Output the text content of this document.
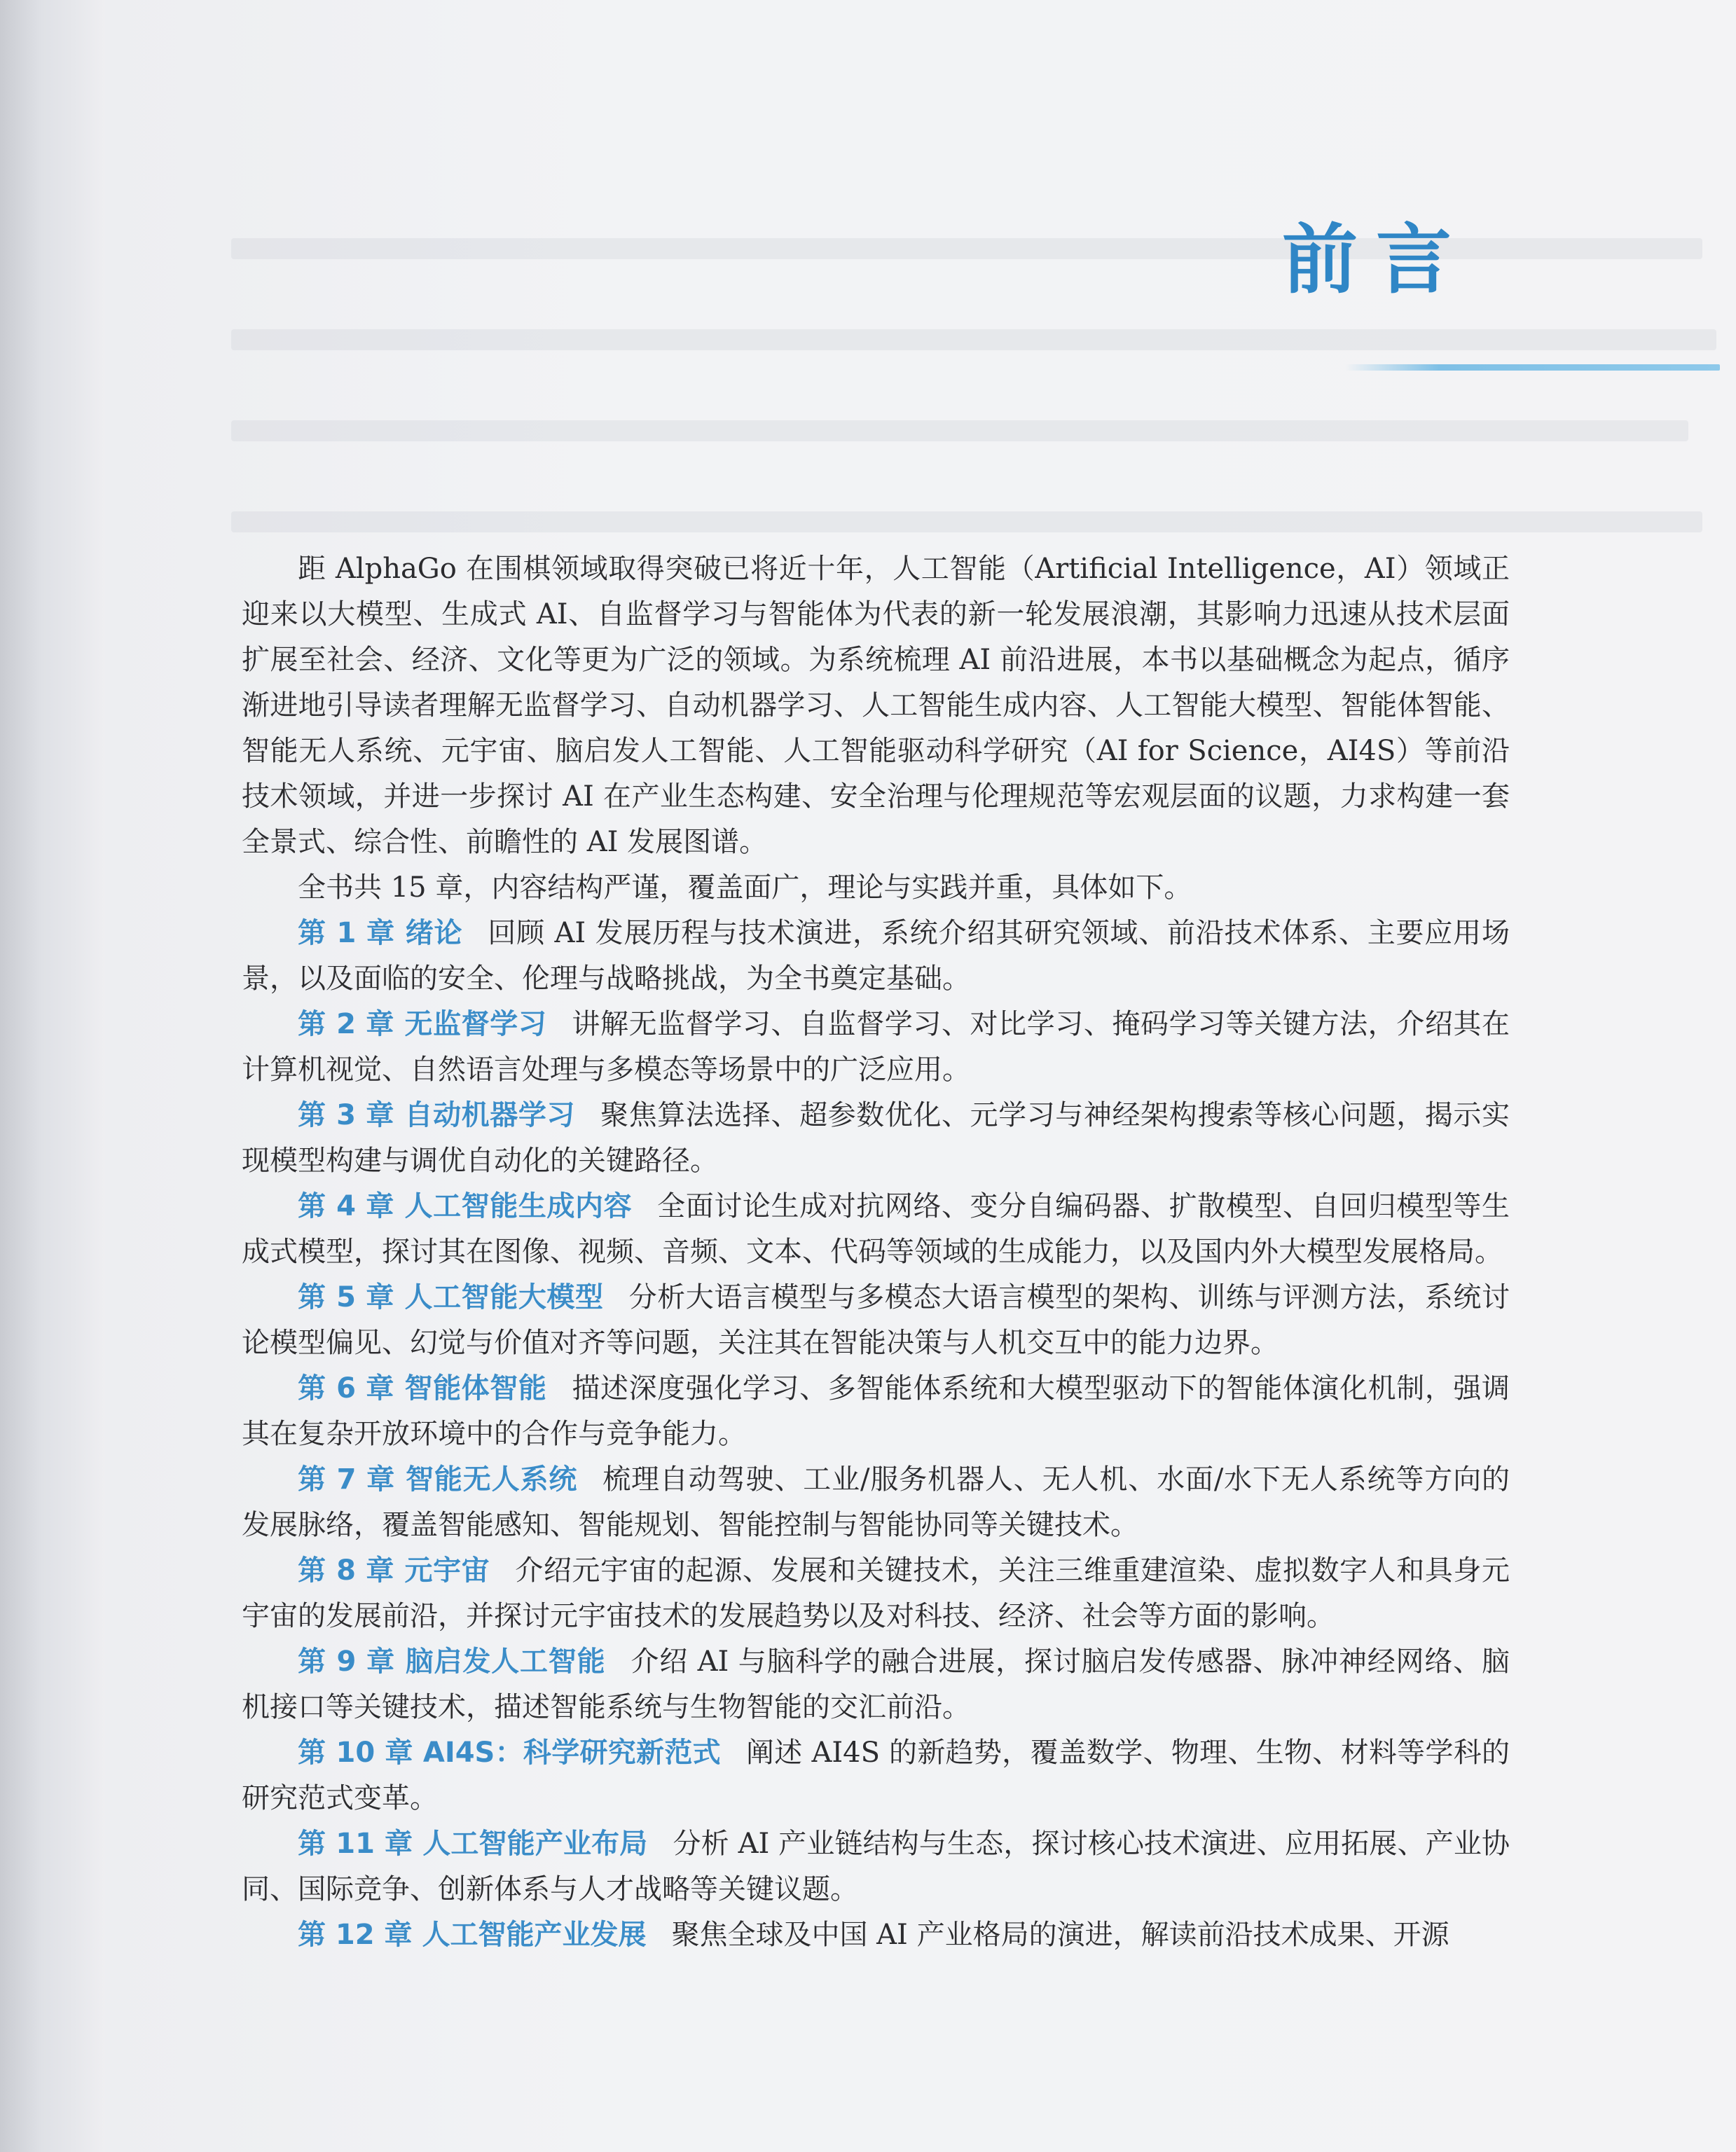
前言

距 AlphaGo 在围棋领域取得突破已将近十年，人工智能（Artificial Intelligence，AI）领域正迎来以大模型、生成式 AI、自监督学习与智能体为代表的新一轮发展浪潮，其影响力迅速从技术层面扩展至社会、经济、文化等更为广泛的领域。为系统梳理 AI 前沿进展，本书以基础概念为起点，循序渐进地引导读者理解无监督学习、自动机器学习、人工智能生成内容、人工智能大模型、智能体智能、智能无人系统、元宇宙、脑启发人工智能、人工智能驱动科学研究（AI for Science，AI4S）等前沿技术领域，并进一步探讨 AI 在产业生态构建、安全治理与伦理规范等宏观层面的议题，力求构建一套全景式、综合性、前瞻性的 AI 发展图谱。

全书共 15 章，内容结构严谨，覆盖面广，理论与实践并重，具体如下。

第 1 章 绪论 回顾 AI 发展历程与技术演进，系统介绍其研究领域、前沿技术体系、主要应用场景，以及面临的安全、伦理与战略挑战，为全书奠定基础。

第 2 章 无监督学习 讲解无监督学习、自监督学习、对比学习、掩码学习等关键方法，介绍其在计算机视觉、自然语言处理与多模态等场景中的广泛应用。

第 3 章 自动机器学习 聚焦算法选择、超参数优化、元学习与神经架构搜索等核心问题，揭示实现模型构建与调优自动化的关键路径。

第 4 章 人工智能生成内容 全面讨论生成对抗网络、变分自编码器、扩散模型、自回归模型等生成式模型，探讨其在图像、视频、音频、文本、代码等领域的生成能力，以及国内外大模型发展格局。

第 5 章 人工智能大模型 分析大语言模型与多模态大语言模型的架构、训练与评测方法，系统讨论模型偏见、幻觉与价值对齐等问题，关注其在智能决策与人机交互中的能力边界。

第 6 章 智能体智能 描述深度强化学习、多智能体系统和大模型驱动下的智能体演化机制，强调其在复杂开放环境中的合作与竞争能力。

第 7 章 智能无人系统 梳理自动驾驶、工业/服务机器人、无人机、水面/水下无人系统等方向的发展脉络，覆盖智能感知、智能规划、智能控制与智能协同等关键技术。

第 8 章 元宇宙 介绍元宇宙的起源、发展和关键技术，关注三维重建渲染、虚拟数字人和具身元宇宙的发展前沿，并探讨元宇宙技术的发展趋势以及对科技、经济、社会等方面的影响。

第 9 章 脑启发人工智能 介绍 AI 与脑科学的融合进展，探讨脑启发传感器、脉冲神经网络、脑机接口等关键技术，描述智能系统与生物智能的交汇前沿。

第 10 章 AI4S：科学研究新范式 阐述 AI4S 的新趋势，覆盖数学、物理、生物、材料等学科的研究范式变革。

第 11 章 人工智能产业布局 分析 AI 产业链结构与生态，探讨核心技术演进、应用拓展、产业协同、国际竞争、创新体系与人才战略等关键议题。

第 12 章 人工智能产业发展 聚焦全球及中国 AI 产业格局的演进，解读前沿技术成果、开源
